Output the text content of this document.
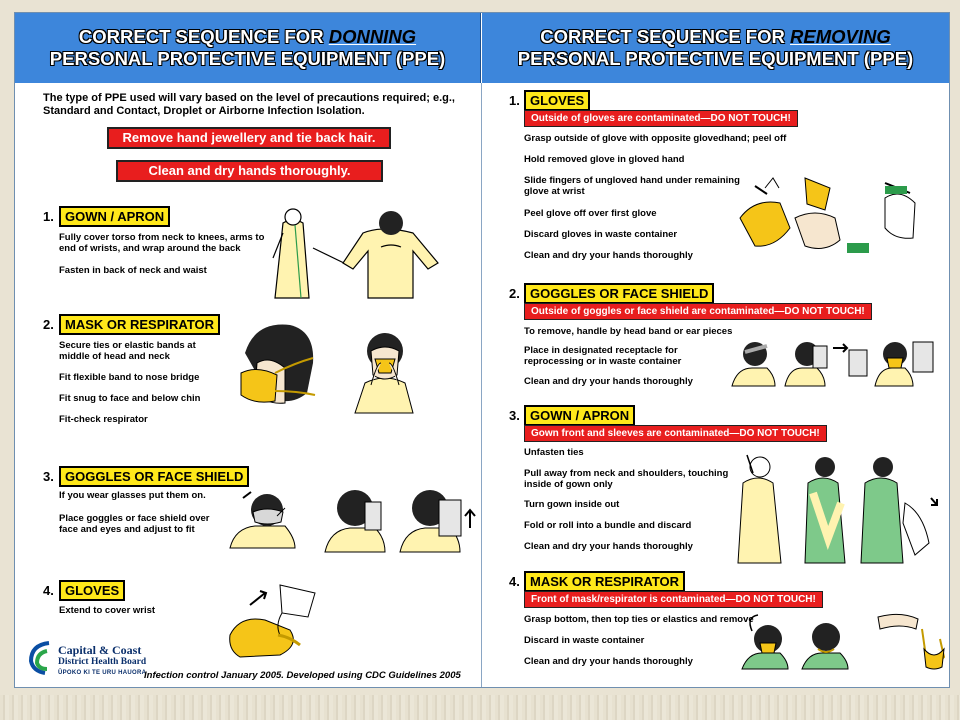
CORRECT SEQUENCE FOR DONNING
PERSONAL PROTECTIVE EQUIPMENT (PPE)
CORRECT SEQUENCE FOR REMOVING
PERSONAL PROTECTIVE EQUIPMENT (PPE)
The type of PPE used will vary based on the level of precautions required; e.g., Standard and Contact, Droplet or Airborne Infection Isolation.
Remove hand jewellery and tie back hair.
Clean and dry hands thoroughly.
1. GOWN / APRON
Fully cover torso from neck to knees, arms to end of wrists, and wrap around the back
Fasten in back of neck and waist
2. MASK OR RESPIRATOR
Secure ties or elastic bands at middle of head and neck
Fit flexible band to nose bridge
Fit snug to face and below chin
Fit-check respirator
3. GOGGLES OR FACE SHIELD
If you wear glasses put them on.
Place goggles or face shield over face and eyes and adjust to fit
4. GLOVES
Extend to cover wrist
Capital & Coast
District Health Board
ŪPOKO KI TE URU HAUORA
Infection control January 2005. Developed using CDC Guidelines 2005
1. GLOVES
Outside of gloves are contaminated—DO NOT TOUCH!
Grasp outside of glove with opposite glovedhand; peel off
Hold removed glove in gloved hand
Slide fingers of ungloved hand under remaining glove at wrist
Peel glove off over first glove
Discard gloves in waste container
Clean and dry your hands thoroughly
2. GOGGLES OR FACE SHIELD
Outside of goggles or face shield are contaminated—DO NOT TOUCH!
To remove, handle by head band or ear pieces
Place in designated receptacle for reprocessing or in waste container
Clean and dry your hands thoroughly
3. GOWN / APRON
Gown front and sleeves are contaminated—DO NOT TOUCH!
Unfasten ties
Pull away from neck and shoulders, touching inside of gown only
Turn gown inside out
Fold or roll into a bundle and discard
Clean and dry your hands thoroughly
4. MASK OR RESPIRATOR
Front of mask/respirator is contaminated—DO NOT TOUCH!
Grasp bottom, then top ties or elastics and remove
Discard in waste container
Clean and dry your hands thoroughly
